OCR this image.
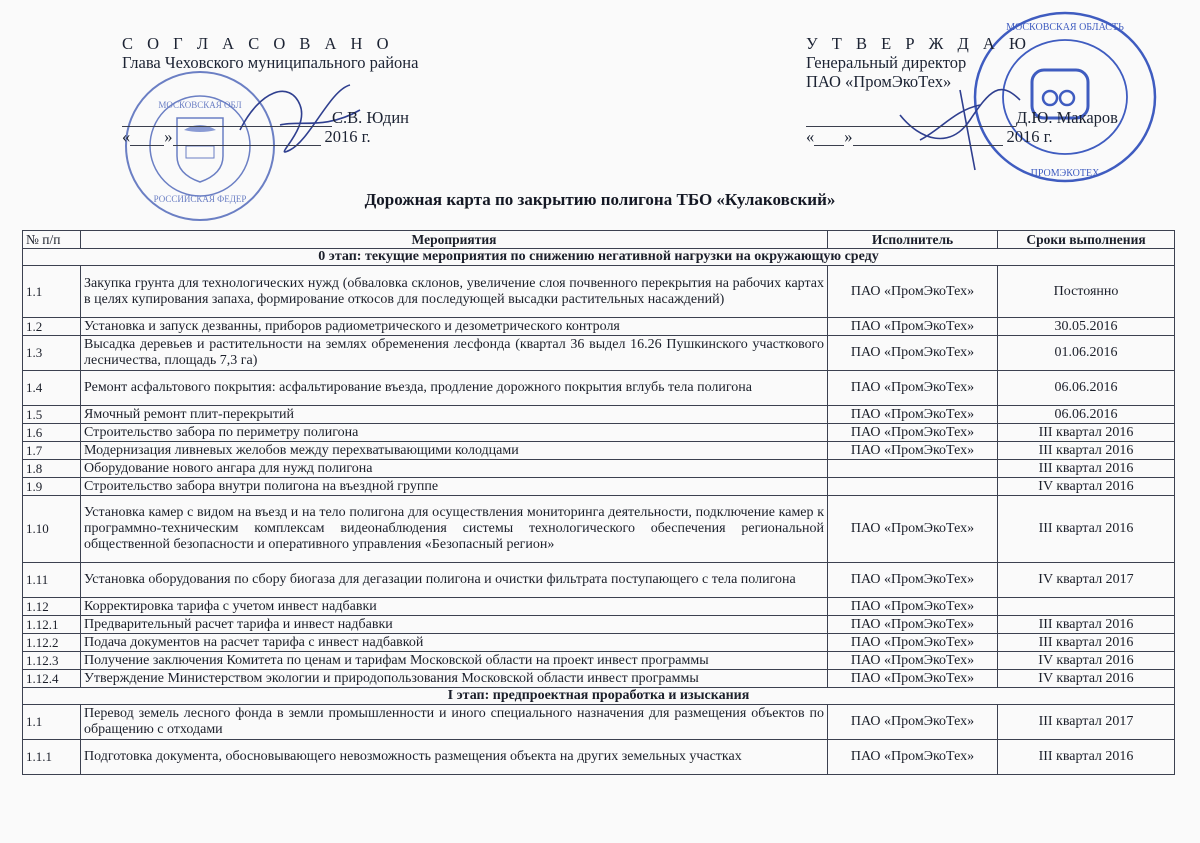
МОСКОВСКАЯ ОБЛ
РОССИЙСКАЯ ФЕДЕР
МОСКОВСКАЯ ОБЛАСТЬ
ПРОМЭКОТЕХ
С О Г Л А С О В А Н О
Глава Чеховского муниципального района
С.В. Юдин
« »	2016 г.
У Т В Е Р Ж Д А Ю
Генеральный директор
ПАО «ПромЭкоТех»
Д.Ю. Макаров
« »	2016 г.
Дорожная карта по закрытию полигона ТБО «Кулаковский»
№ п/п	Мероприятия	Исполнитель	Сроки выполнения
0 этап: текущие мероприятия по снижению негативной нагрузки на окружающую среду			
1.1	Закупка грунта для технологических нужд (обваловка склонов, увеличение слоя почвенного перекрытия на рабочих картах в целях купирования запаха, формирование откосов для последующей высадки растительных насаждений)	ПАО «ПромЭкоТех»	Постоянно
1.2	Установка и запуск дезванны, приборов радиометрического и дезометрического контроля	ПАО «ПромЭкоТех»	30.05.2016
1.3	Высадка деревьев и растительности на землях обременения лесфонда (квартал 36 выдел 16.26 Пушкинского участкового лесничества, площадь 7,3 га)	ПАО «ПромЭкоТех»	01.06.2016
1.4	Ремонт асфальтового покрытия: асфальтирование въезда, продление дорожного покрытия вглубь тела полигона	ПАО «ПромЭкоТех»	06.06.2016
1.5	Ямочный ремонт плит-перекрытий	ПАО «ПромЭкоТех»	06.06.2016
1.6	Строительство забора по периметру полигона	ПАО «ПромЭкоТех»	III квартал 2016
1.7	Модернизация ливневых желобов между перехватывающими колодцами	ПАО «ПромЭкоТех»	III квартал 2016
1.8	Оборудование нового ангара для нужд полигона		III квартал 2016
1.9	Строительство забора внутри полигона на въездной группе		IV квартал 2016
1.10	Установка камер с видом на въезд и на тело полигона для осуществления мониторинга деятельности, подключение камер к программно-техническим комплексам видеонаблюдения системы технологического обеспечения региональной общественной безопасности и оперативного управления «Безопасный регион»	ПАО «ПромЭкоТех»	III квартал 2016
1.11	Установка оборудования по сбору биогаза для дегазации полигона и очистки фильтрата поступающего с тела полигона	ПАО «ПромЭкоТех»	IV квартал 2017
1.12	Корректировка тарифа с учетом инвест надбавки	ПАО «ПромЭкоТех»	
1.12.1	Предварительный расчет тарифа и инвест надбавки	ПАО «ПромЭкоТех»	III квартал 2016
1.12.2	Подача документов на расчет тарифа с инвест надбавкой	ПАО «ПромЭкоТех»	III квартал 2016
1.12.3	Получение заключения Комитета по ценам и тарифам Московской области на проект инвест программы	ПАО «ПромЭкоТех»	IV квартал 2016
1.12.4	Утверждение Министерством экологии и природопользования Московской области инвест программы	ПАО «ПромЭкоТех»	IV квартал 2016
I этап: предпроектная проработка и изыскания			
1.1	Перевод земель лесного фонда в земли промышленности и иного специального назначения для размещения объектов по обращению с отходами	ПАО «ПромЭкоТех»	III квартал 2017
1.1.1	Подготовка документа, обосновывающего невозможность размещения объекта на других земельных участках	ПАО «ПромЭкоТех»	III квартал 2016
